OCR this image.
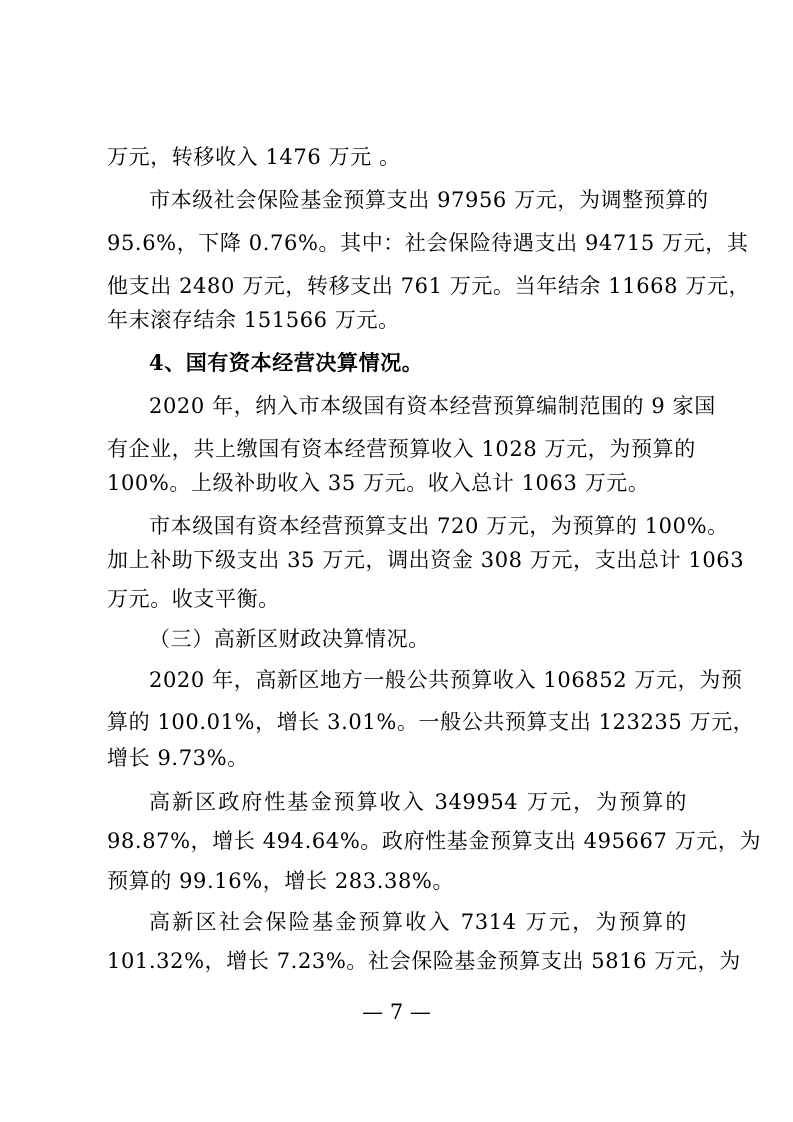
万元，转移收入 1476 万元 。
市本级社会保险基金预算支出 97956 万元，为调整预算的
95.6%，下降 0.76%。其中：社会保险待遇支出 94715 万元，其
他支出 2480 万元，转移支出 761 万元。当年结余 11668 万元，
年末滚存结余 151566 万元。
4、国有资本经营决算情况。
2020 年，纳入市本级国有资本经营预算编制范围的 9 家国
有企业，共上缴国有资本经营预算收入 1028 万元，为预算的
100%。上级补助收入 35 万元。收入总计 1063 万元。
市本级国有资本经营预算支出 720 万元，为预算的 100%。
加上补助下级支出 35 万元，调出资金 308 万元，支出总计 1063
万元。收支平衡。
（三）高新区财政决算情况。
2020 年，高新区地方一般公共预算收入 106852 万元，为预
算的 100.01%，增长 3.01%。一般公共预算支出 123235 万元，
增长 9.73%。
高新区政府性基金预算收入 349954 万元，为预算的
98.87%，增长 494.64%。政府性基金预算支出 495667 万元，为
预算的 99.16%，增长 283.38%。
高新区社会保险基金预算收入 7314 万元，为预算的
101.32%，增长 7.23%。社会保险基金预算支出 5816 万元，为
— 7 —
